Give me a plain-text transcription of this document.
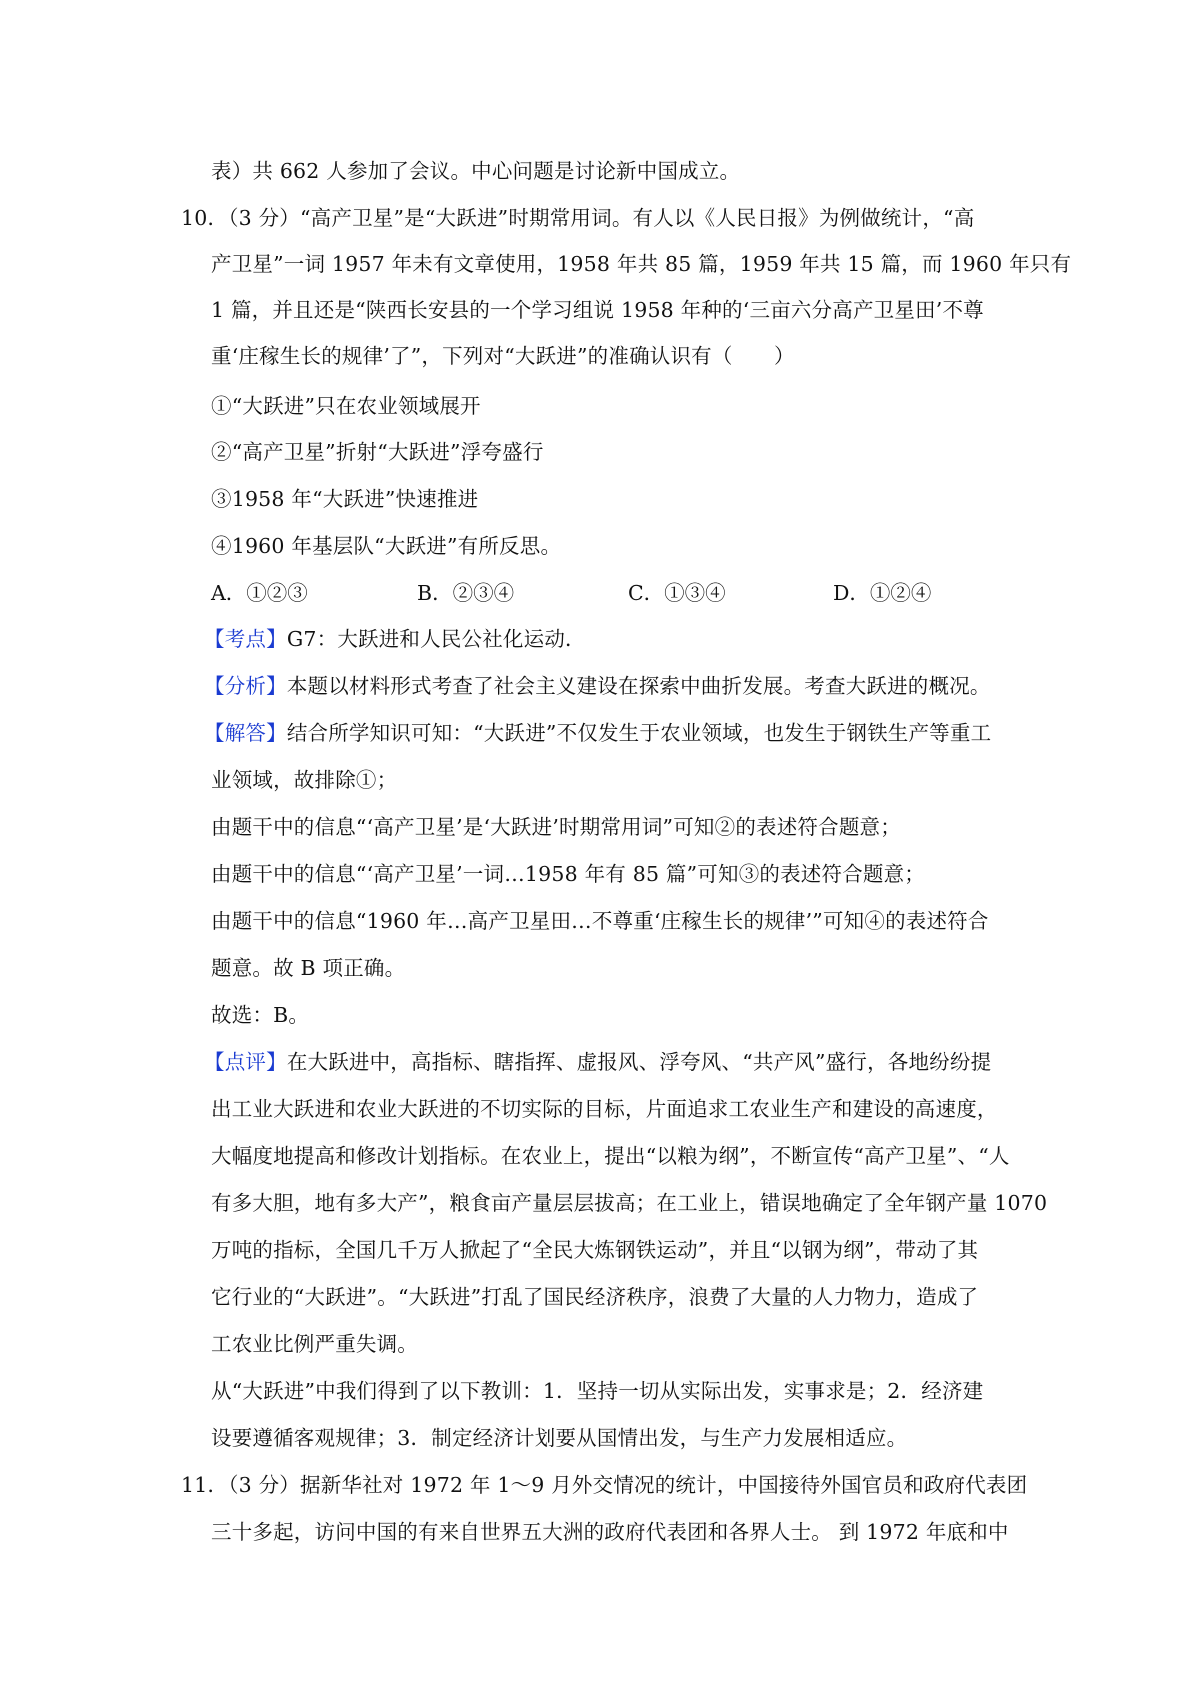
表）共 662 人参加了会议。中心问题是讨论新中国成立。
10．（3 分）“高产卫星”是“大跃进”时期常用词。有人以《人民日报》为例做统计，“高
产卫星”一词 1957 年未有文章使用，1958 年共 85 篇，1959 年共 15 篇，而 1960 年只有
1 篇，并且还是“陕西长安县的一个学习组说 1958 年种的‘三亩六分高产卫星田’不尊
重‘庄稼生长的规律’了”，下列对“大跃进”的准确认识有（　　）
①“大跃进”只在农业领域展开
②“高产卫星”折射“大跃进”浮夸盛行
③1958 年“大跃进”快速推进
④1960 年基层队“大跃进”有所反思。
A．①②③	B．②③④	C．①③④	D．①②④
【考点】G7：大跃进和人民公社化运动．
【分析】本题以材料形式考查了社会主义建设在探索中曲折发展。考查大跃进的概况。
【解答】结合所学知识可知：“大跃进”不仅发生于农业领域，也发生于钢铁生产等重工
业领域，故排除①；
由题干中的信息“‘高产卫星’是‘大跃进’时期常用词”可知②的表述符合题意；
由题干中的信息“‘高产卫星’一词…1958 年有 85 篇”可知③的表述符合题意；
由题干中的信息“1960 年…高产卫星田…不尊重‘庄稼生长的规律’”可知④的表述符合
题意。故 B 项正确。
故选：B。
【点评】在大跃进中，高指标、瞎指挥、虚报风、浮夸风、“共产风”盛行，各地纷纷提
出工业大跃进和农业大跃进的不切实际的目标，片面追求工农业生产和建设的高速度，
大幅度地提高和修改计划指标。在农业上，提出“以粮为纲”，不断宣传“高产卫星”、“人
有多大胆，地有多大产”，粮食亩产量层层拔高；在工业上，错误地确定了全年钢产量 1070
万吨的指标，全国几千万人掀起了“全民大炼钢铁运动”，并且“以钢为纲”，带动了其
它行业的“大跃进”。“大跃进”打乱了国民经济秩序，浪费了大量的人力物力，造成了
工农业比例严重失调。
从“大跃进”中我们得到了以下教训：1．坚持一切从实际出发，实事求是；2．经济建
设要遵循客观规律；3．制定经济计划要从国情出发，与生产力发展相适应。
11．（3 分）据新华社对 1972 年 1～9 月外交情况的统计，中国接待外国官员和政府代表团
三十多起，访问中国的有来自世界五大洲的政府代表团和各界人士。 到 1972 年底和中
